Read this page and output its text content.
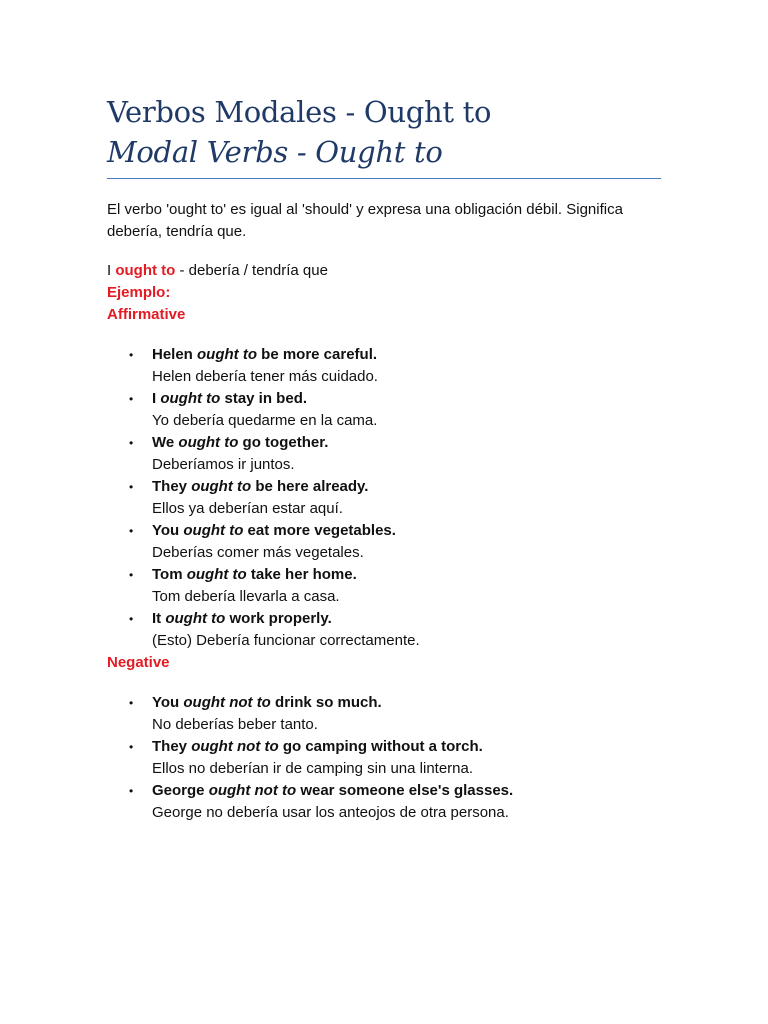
Verbos Modales - Ought to
Modal Verbs - Ought to

El verbo 'ought to' es igual al 'should' y expresa una obligación débil. Significa debería, tendría que.

I ought to - debería / tendría que

Ejemplo:
Affirmative
• Helen ought to be more careful.
Helen debería tener más cuidado.
• I ought to stay in bed.
Yo debería quedarme en la cama.
• We ought to go together.
Deberíamos ir juntos.
• They ought to be here already.
Ellos ya deberían estar aquí.
• You ought to eat more vegetables.
Deberías comer más vegetales.
• Tom ought to take her home.
Tom debería llevarla a casa.
• It ought to work properly.
(Esto) Debería funcionar correctamente.
Negative
• You ought not to drink so much.
No deberías beber tanto.
• They ought not to go camping without a torch.
Ellos no deberían ir de camping sin una linterna.
• George ought not to wear someone else's glasses.
George no debería usar los anteojos de otra persona.
